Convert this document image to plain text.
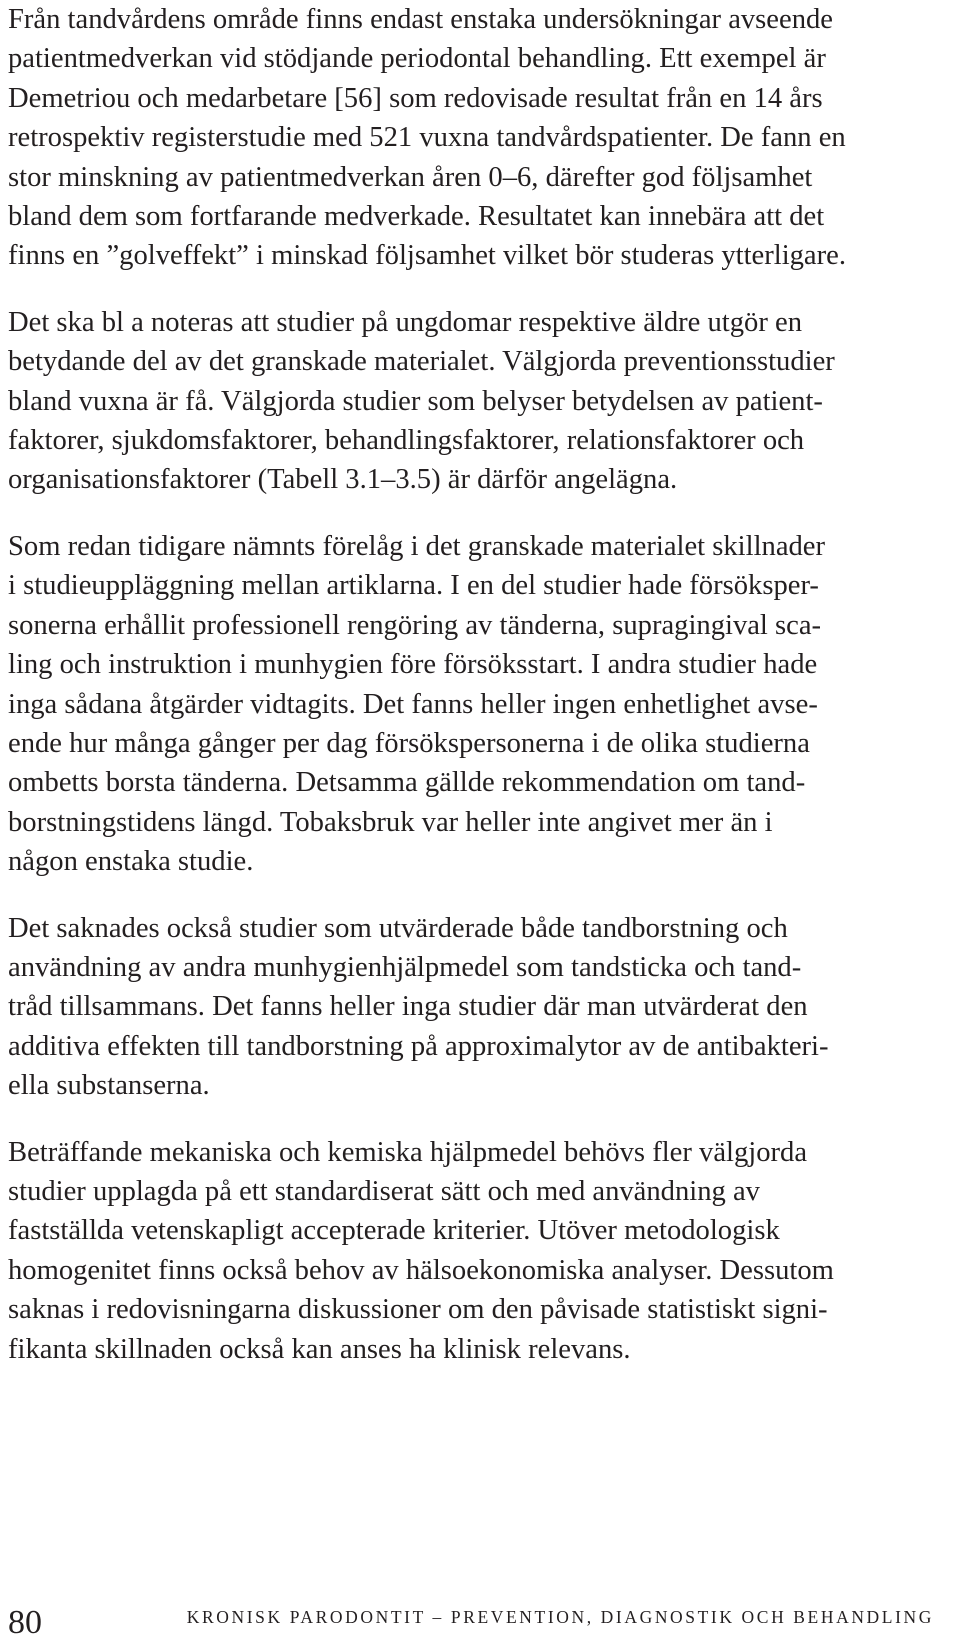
Från tandvårdens område finns endast enstaka undersökningar avseende
patientmedverkan vid stödjande periodontal behandling. Ett exempel är
Demetriou och medarbetare [56] som redovisade resultat från en 14 års
retrospektiv registerstudie med 521 vuxna tandvårdspatienter. De fann en
stor minskning av patientmedverkan åren 0–6, därefter god följsamhet
bland dem som fortfarande medverkade. Resultatet kan innebära att det
finns en ”golveffekt” i minskad följsamhet vilket bör studeras ytterligare.

Det ska bl a noteras att studier på ungdomar respektive äldre utgör en
betydande del av det granskade materialet. Välgjorda preventionsstudier
bland vuxna är få. Välgjorda studier som belyser betydelsen av patient-
faktorer, sjukdomsfaktorer, behandlingsfaktorer, relationsfaktorer och
organisationsfaktorer (Tabell 3.1–3.5) är därför angelägna.

Som redan tidigare nämnts förelåg i det granskade materialet skillnader
i studieuppläggning mellan artiklarna. I en del studier hade försöksper-
sonerna erhållit professionell rengöring av tänderna, supragingival sca-
ling och instruktion i munhygien före försöksstart. I andra studier hade
inga sådana åtgärder vidtagits. Det fanns heller ingen enhetlighet avse-
ende hur många gånger per dag försökspersonerna i de olika studierna
ombetts borsta tänderna. Detsamma gällde rekommendation om tand-
borstningstidens längd. Tobaksbruk var heller inte angivet mer än i
någon enstaka studie.

Det saknades också studier som utvärderade både tandborstning och
användning av andra munhygienhjälpmedel som tandsticka och tand-
tråd tillsammans. Det fanns heller inga studier där man utvärderat den
additiva effekten till tandborstning på approximalytor av de antibakteri-
ella substanserna.

Beträffande mekaniska och kemiska hjälpmedel behövs fler välgjorda
studier upplagda på ett standardiserat sätt och med användning av
fastställda vetenskapligt accepterade kriterier. Utöver metodologisk
homogenitet finns också behov av hälsoekonomiska analyser. Dessutom
saknas i redovisningarna diskussioner om den påvisade statistiskt signi-
fikanta skillnaden också kan anses ha klinisk relevans.

80	KRONISK PARODONTIT – PREVENTION, DIAGNOSTIK OCH BEHANDLING
